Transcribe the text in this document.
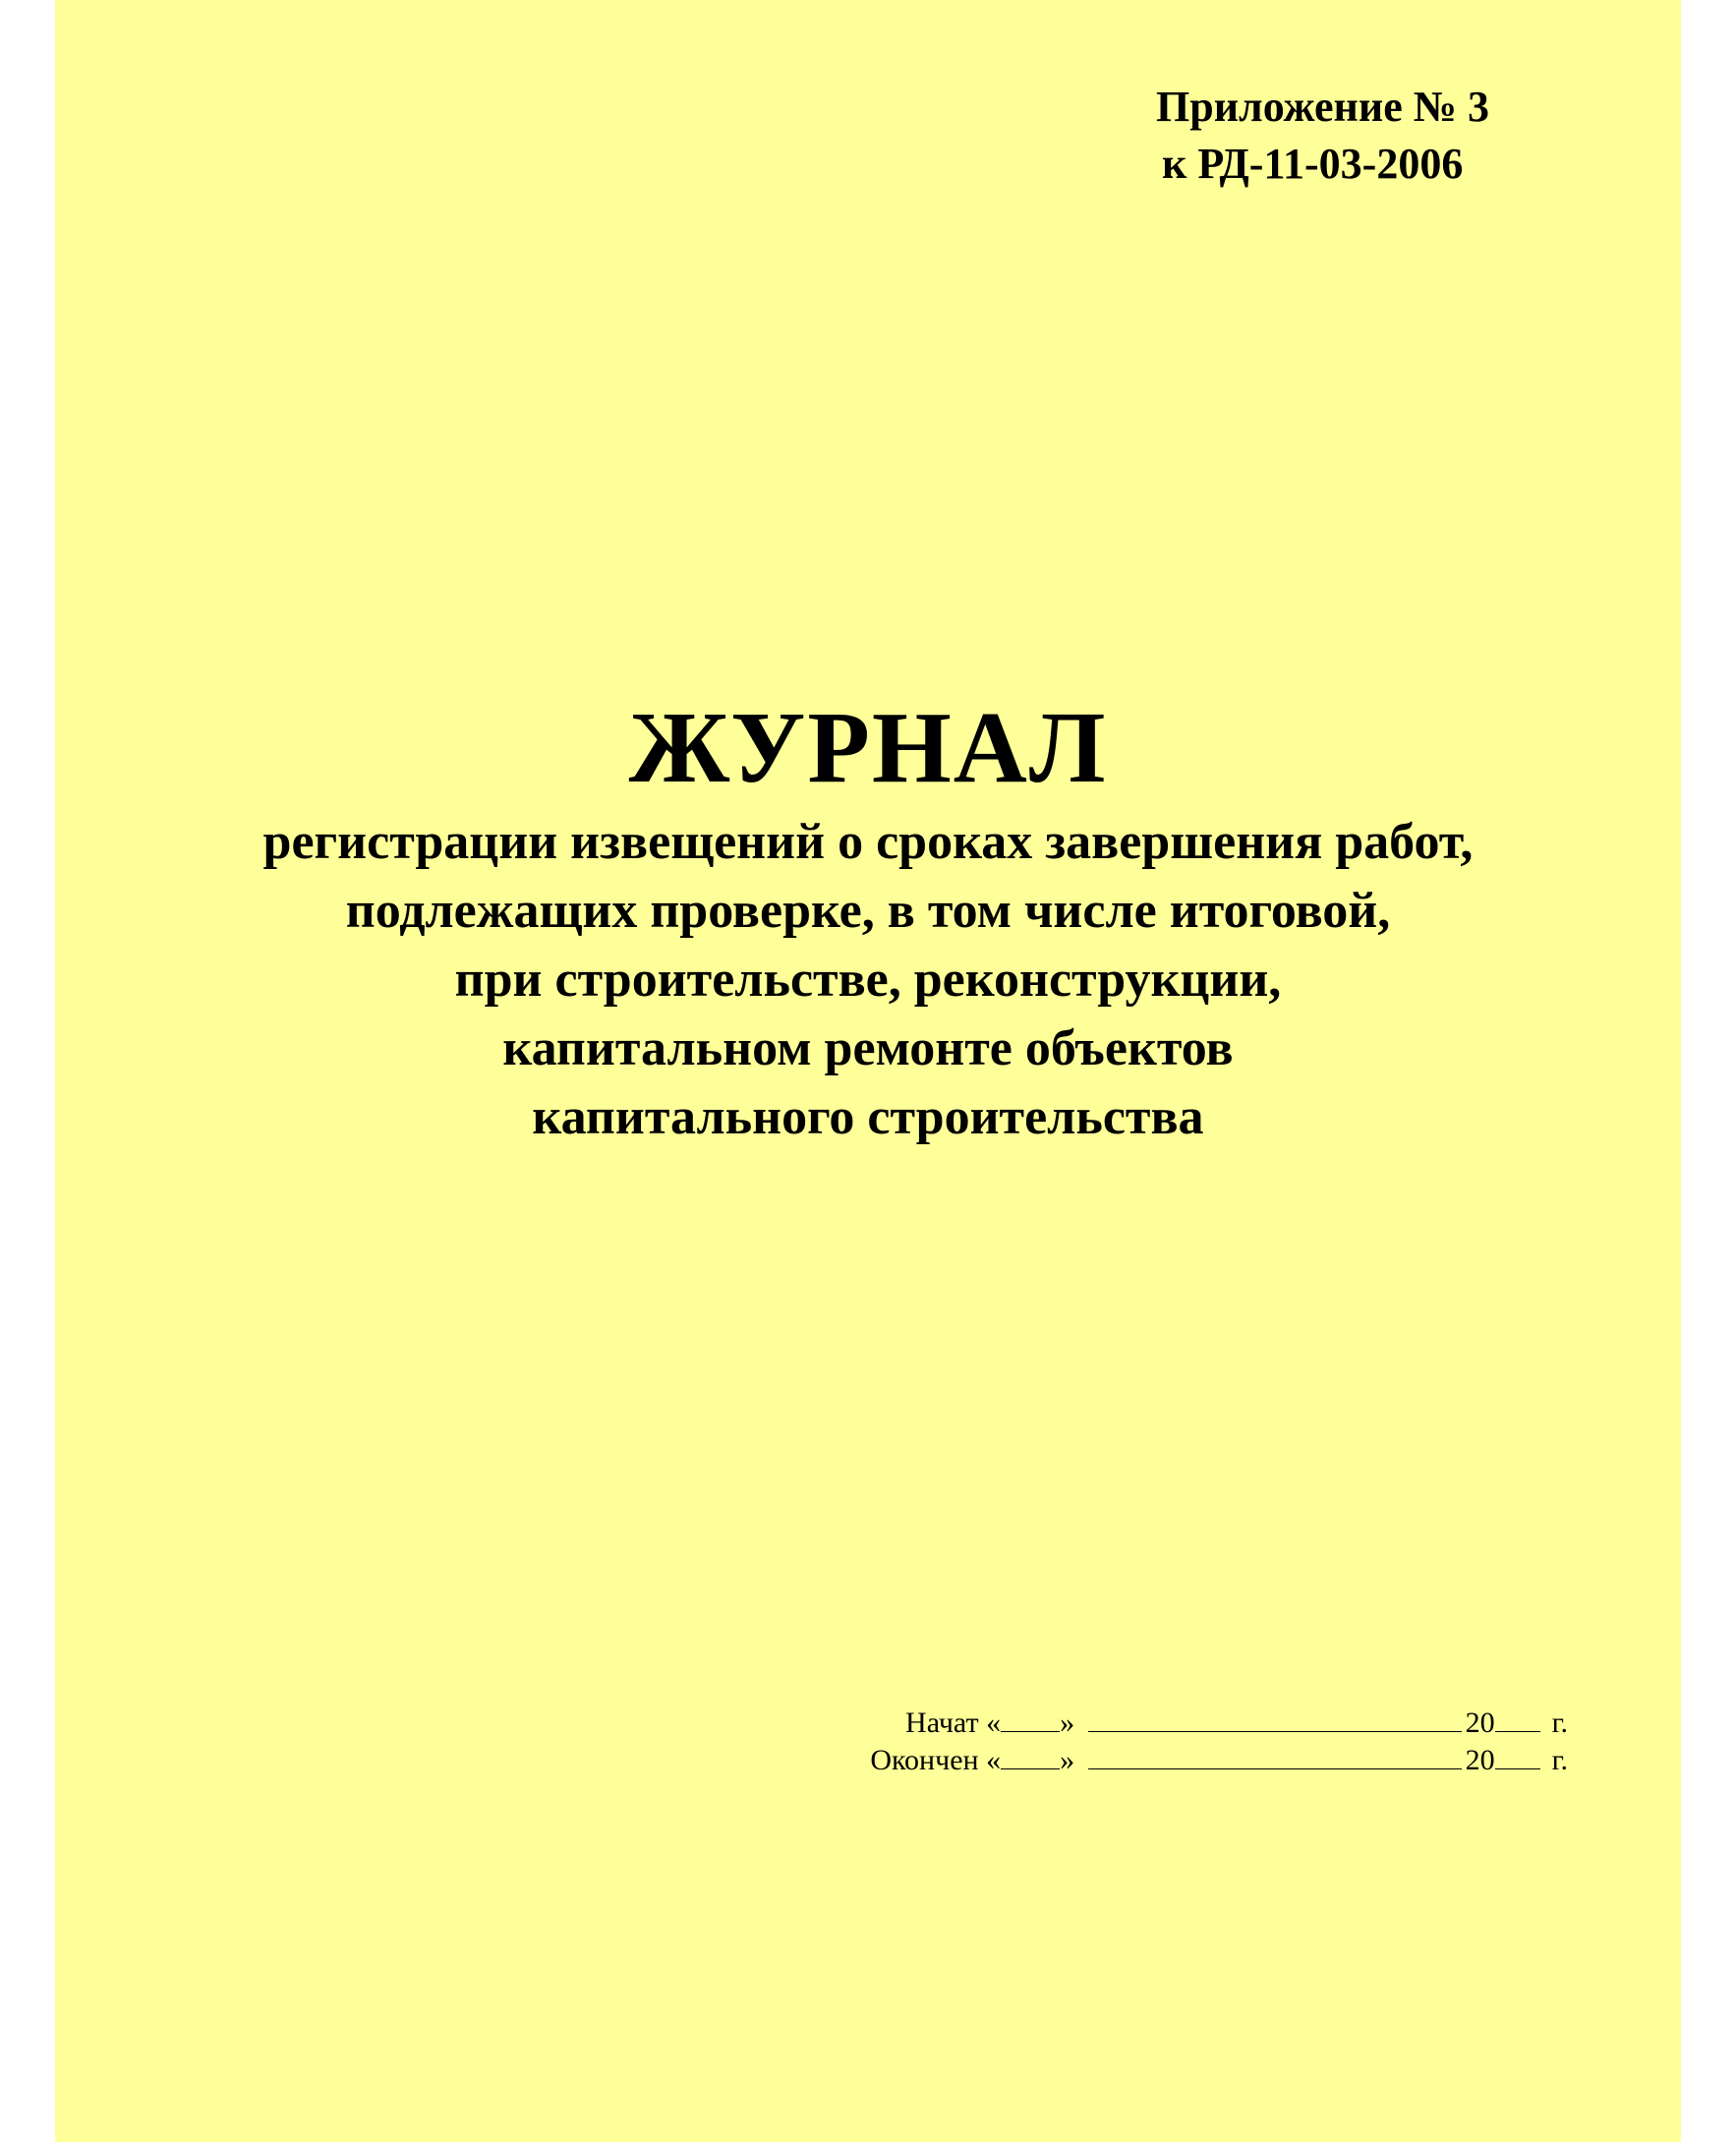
Приложение № 3
к РД-11-03-2006
ЖУРНАЛ
регистрации извещений о сроках завершения работ,
подлежащих проверке, в том числе итоговой,
при строительстве, реконструкции,
капитальном ремонте объектов
капитального строительства
Начат « »	20 г.
Окончен « »	20 г.
